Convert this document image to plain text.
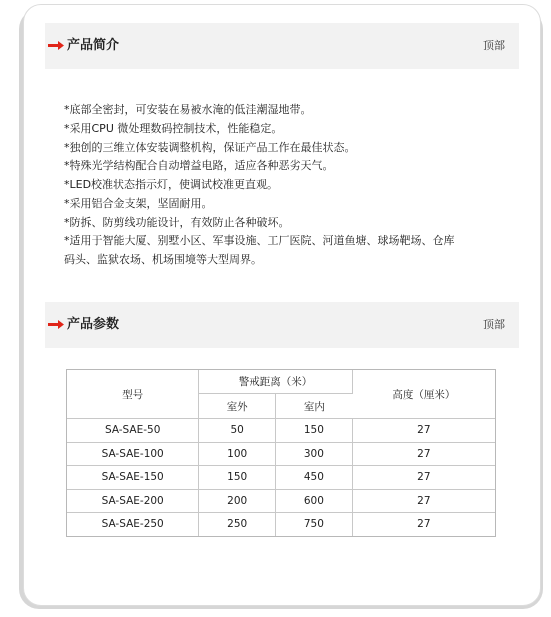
产品简介	顶部
*底部全密封，可安装在易被水淹的低洼潮湿地带。
*采用CPU 微处理数码控制技术，性能稳定。
*独创的三维立体安装调整机构，保证产品工作在最佳状态。
*特殊光学结构配合自动增益电路，适应各种恶劣天气。
*LED校准状态指示灯，使调试校准更直观。
*采用铝合金支架，坚固耐用。
*防拆、防剪线功能设计，有效防止各种破坏。
*适用于智能大厦、别墅小区、军事设施、工厂医院、河道鱼塘、球场靶场、仓库
码头、监狱农场、机场围境等大型周界。
产品参数	顶部
型号	警戒距离（米）		高度（厘米）
	室外	室内	
SA-SAE-50	50	150	27
SA-SAE-100	100	300	27
SA-SAE-150	150	450	27
SA-SAE-200	200	600	27
SA-SAE-250	250	750	27
